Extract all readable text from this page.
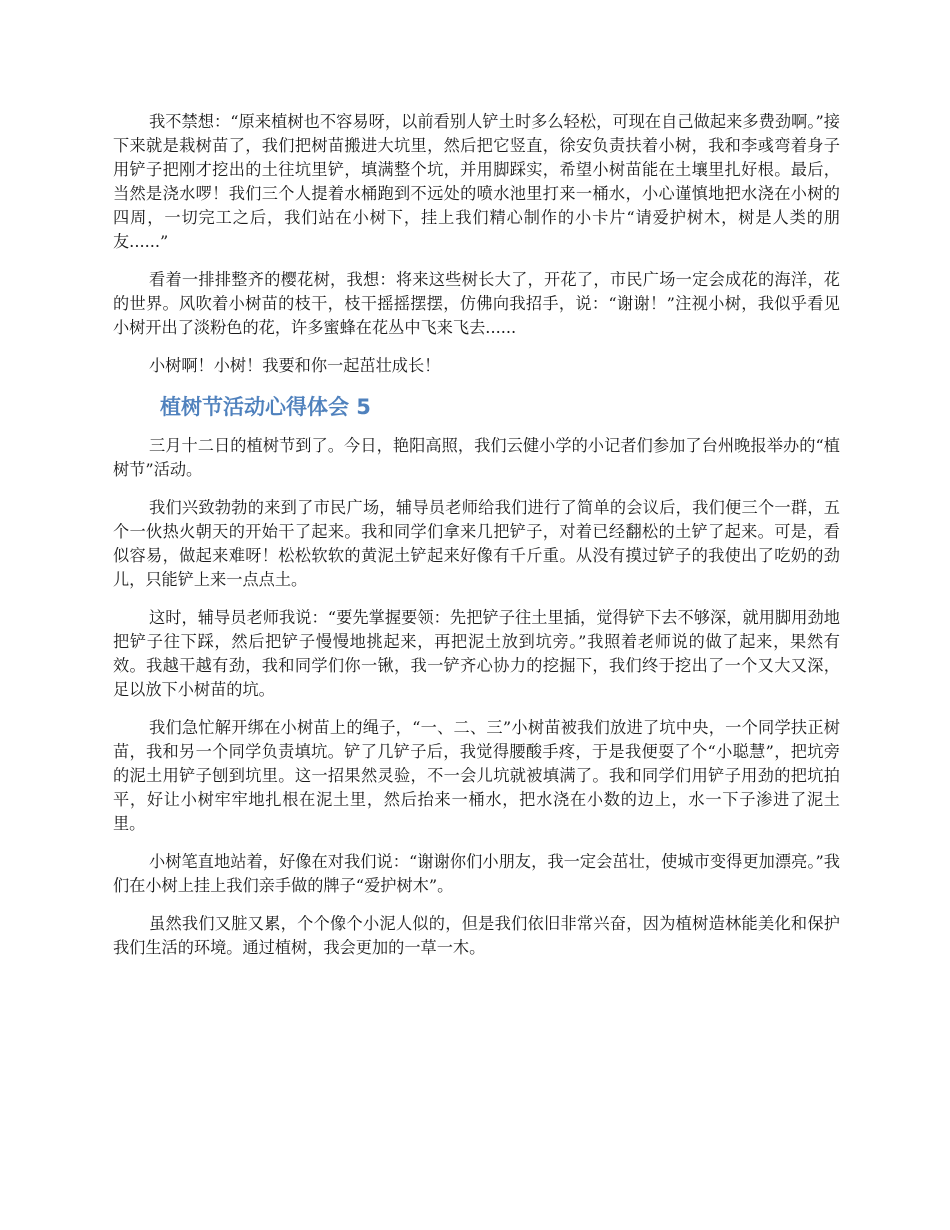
我不禁想：“原来植树也不容易呀，以前看别人铲土时多么轻松，可现在自己做起来多费劲啊。”接下来就是栽树苗了，我们把树苗搬进大坑里，然后把它竖直，徐安负责扶着小树，我和李彧弯着身子用铲子把刚才挖出的土往坑里铲，填满整个坑，并用脚踩实，希望小树苗能在土壤里扎好根。最后，当然是浇水啰！我们三个人提着水桶跑到不远处的喷水池里打来一桶水，小心谨慎地把水浇在小树的四周，一切完工之后，我们站在小树下，挂上我们精心制作的小卡片“请爱护树木，树是人类的朋友......”

看着一排排整齐的樱花树，我想：将来这些树长大了，开花了，市民广场一定会成花的海洋，花的世界。风吹着小树苗的枝干，枝干摇摇摆摆，仿佛向我招手，说：“谢谢！”注视小树，我似乎看见小树开出了淡粉色的花，许多蜜蜂在花丛中飞来飞去......

小树啊！小树！我要和你一起茁壮成长！

植树节活动心得体会 5

三月十二日的植树节到了。今日，艳阳高照，我们云健小学的小记者们参加了台州晚报举办的“植树节”活动。

我们兴致勃勃的来到了市民广场，辅导员老师给我们进行了简单的会议后，我们便三个一群，五个一伙热火朝天的开始干了起来。我和同学们拿来几把铲子，对着已经翻松的土铲了起来。可是，看似容易，做起来难呀！松松软软的黄泥土铲起来好像有千斤重。从没有摸过铲子的我使出了吃奶的劲儿，只能铲上来一点点土。

这时，辅导员老师我说：“要先掌握要领：先把铲子往土里插，觉得铲下去不够深，就用脚用劲地把铲子往下踩，然后把铲子慢慢地挑起来，再把泥土放到坑旁。”我照着老师说的做了起来，果然有效。我越干越有劲，我和同学们你一锹，我一铲齐心协力的挖掘下，我们终于挖出了一个又大又深，足以放下小树苗的坑。

我们急忙解开绑在小树苗上的绳子，“一、二、三”小树苗被我们放进了坑中央，一个同学扶正树苗，我和另一个同学负责填坑。铲了几铲子后，我觉得腰酸手疼，于是我便耍了个“小聪慧”，把坑旁的泥土用铲子刨到坑里。这一招果然灵验，不一会儿坑就被填满了。我和同学们用铲子用劲的把坑拍平，好让小树牢牢地扎根在泥土里，然后抬来一桶水，把水浇在小数的边上，水一下子渗进了泥土里。

小树笔直地站着，好像在对我们说：“谢谢你们小朋友，我一定会茁壮，使城市变得更加漂亮。”我们在小树上挂上我们亲手做的牌子“爱护树木”。

虽然我们又脏又累，个个像个小泥人似的，但是我们依旧非常兴奋，因为植树造林能美化和保护我们生活的环境。通过植树，我会更加的一草一木。
